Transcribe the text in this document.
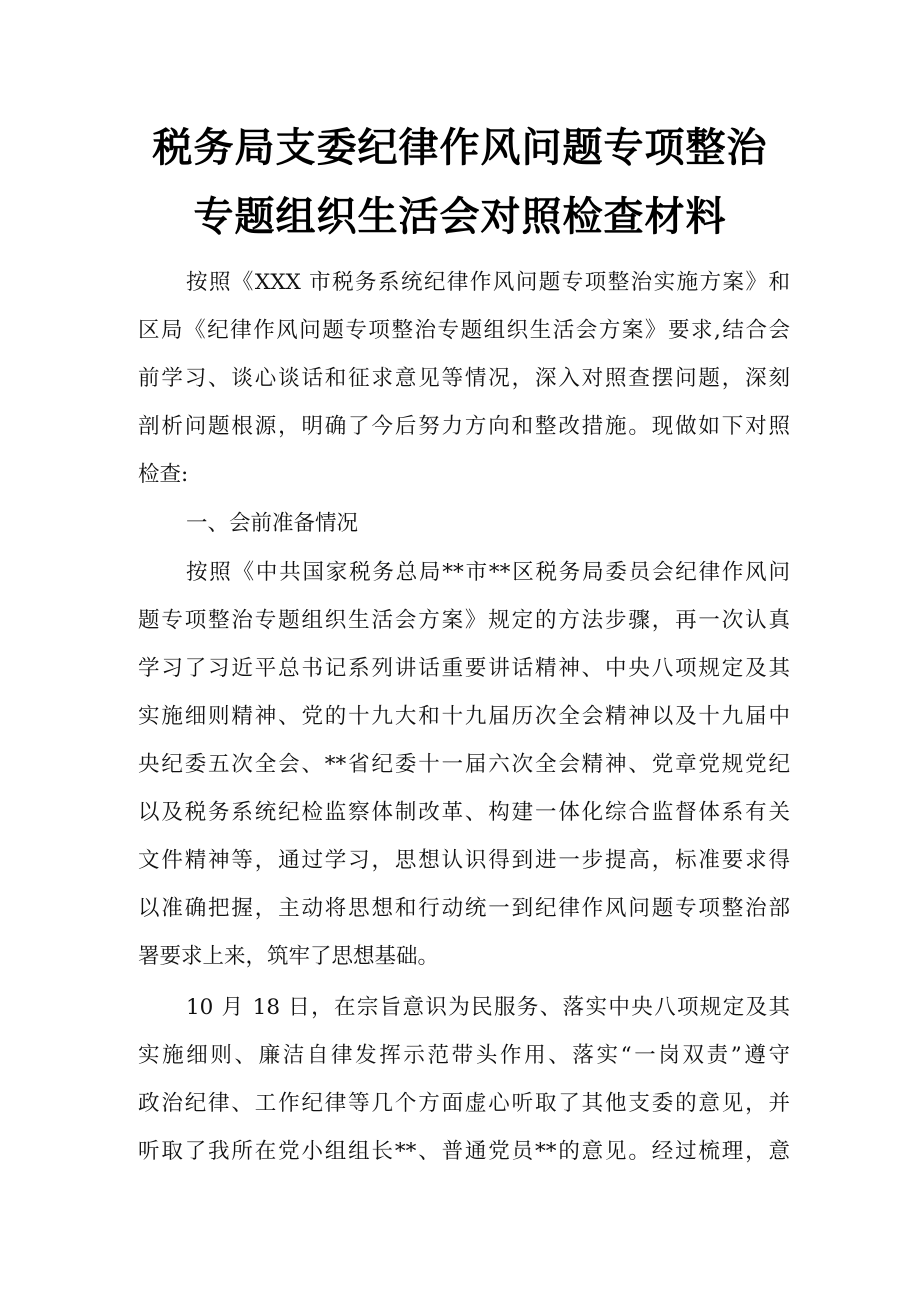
税务局支委纪律作风问题专项整治
专题组织生活会对照检查材料
按照《XXX 市税务系统纪律作风问题专项整治实施方案》和
区局《纪律作风问题专项整治专题组织生活会方案》要求,结合会
前学习、谈心谈话和征求意见等情况，深入对照查摆问题，深刻
剖析问题根源，明确了今后努力方向和整改措施。现做如下对照
检查:
一、会前准备情况
按照《中共国家税务总局**市**区税务局委员会纪律作风问
题专项整治专题组织生活会方案》规定的方法步骤，再一次认真
学习了习近平总书记系列讲话重要讲话精神、中央八项规定及其
实施细则精神、党的十九大和十九届历次全会精神以及十九届中
央纪委五次全会、**省纪委十一届六次全会精神、党章党规党纪
以及税务系统纪检监察体制改革、构建一体化综合监督体系有关
文件精神等，通过学习，思想认识得到进一步提高，标准要求得
以准确把握，主动将思想和行动统一到纪律作风问题专项整治部
署要求上来，筑牢了思想基础。
10 月 18 日，在宗旨意识为民服务、落实中央八项规定及其
实施细则、廉洁自律发挥示范带头作用、落实“一岗双责”遵守
政治纪律、工作纪律等几个方面虚心听取了其他支委的意见，并
听取了我所在党小组组长**、普通党员**的意见。经过梳理，意
